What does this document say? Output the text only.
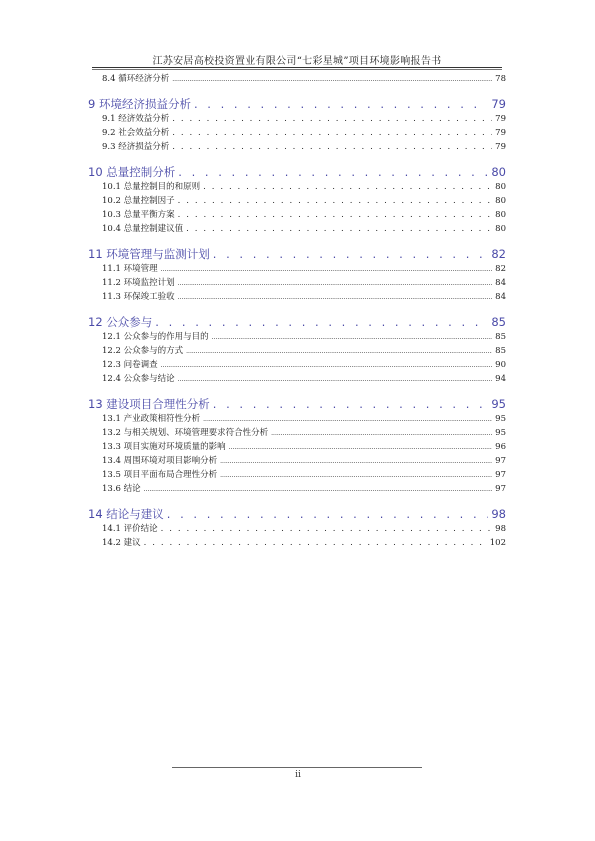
江苏安居高校投资置业有限公司“七彩星城”项目环境影响报告书
8.4 循环经济分析 .....	78
9 环境经济损益分析 . . .	79
9.1 经济效益分析 . . .	79
9.2 社会效益分析 . . .	79
9.3 经济损益分析 . . .	79
10 总量控制分析 . . .	80
10.1 总量控制目的和原则 . . .	80
10.2 总量控制因子 . . .	80
10.3 总量平衡方案 . . .	80
10.4 总量控制建议值 . . .	80
11 环境管理与监测计划 . . .	82
11.1 环境管理 .....	82
11.2 环境监控计划 .....	84
11.3 环保竣工验收 .....	84
12 公众参与 . . .	85
12.1 公众参与的作用与目的 .....	85
12.2 公众参与的方式 .....	85
12.3 问卷调查 .....	90
12.4 公众参与结论 .....	94
13 建设项目合理性分析 . . .	95
13.1 产业政策相符性分析 .....	95
13.2 与相关规划、环境管理要求符合性分析 .....	95
13.3 项目实施对环境质量的影响 .....	96
13.4 周围环境对项目影响分析 .....	97
13.5 项目平面布局合理性分析 .....	97
13.6 结论 .....	97
14 结论与建议 . . .	98
14.1 评价结论 . . .	98
14.2 建议 . . .	102
ii
